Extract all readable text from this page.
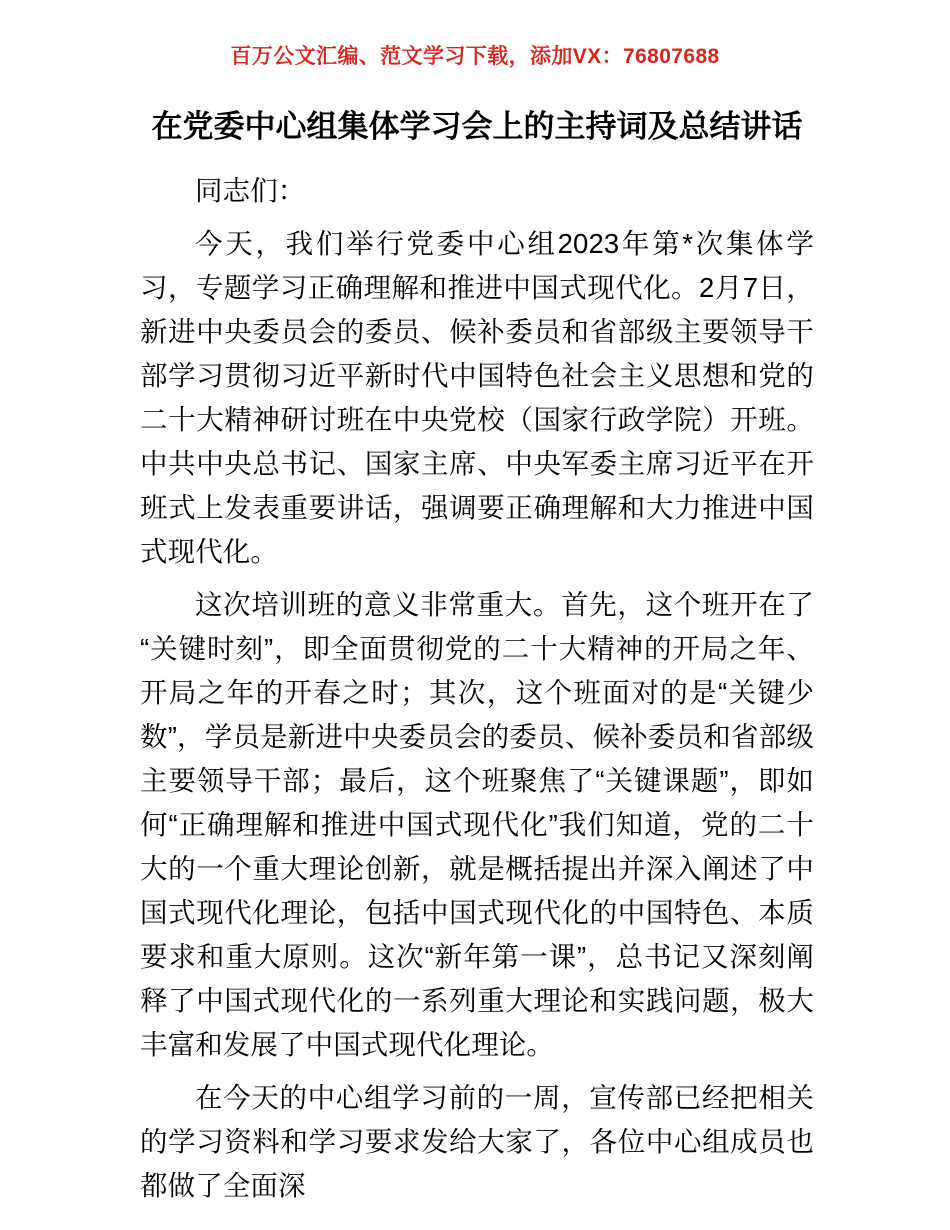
百万公文汇编、范文学习下载，添加VX：76807688
在党委中心组集体学习会上的主持词及总结讲话

同志们：

今天，我们举行党委中心组2023年第*次集体学习，专题学习正确理解和推进中国式现代化。2月7日，新进中央委员会的委员、候补委员和省部级主要领导干部学习贯彻习近平新时代中国特色社会主义思想和党的二十大精神研讨班在中央党校（国家行政学院）开班。中共中央总书记、国家主席、中央军委主席习近平在开班式上发表重要讲话，强调要正确理解和大力推进中国式现代化。

这次培训班的意义非常重大。首先，这个班开在了“关键时刻”，即全面贯彻党的二十大精神的开局之年、开局之年的开春之时；其次，这个班面对的是“关键少数”，学员是新进中央委员会的委员、候补委员和省部级主要领导干部；最后，这个班聚焦了“关键课题”，即如何“正确理解和推进中国式现代化”我们知道，党的二十大的一个重大理论创新，就是概括提出并深入阐述了中国式现代化理论，包括中国式现代化的中国特色、本质要求和重大原则。这次“新年第一课”，总书记又深刻阐释了中国式现代化的一系列重大理论和实践问题，极大丰富和发展了中国式现代化理论。

在今天的中心组学习前的一周，宣传部已经把相关的学习资料和学习要求发给大家了，各位中心组成员也都做了全面深
